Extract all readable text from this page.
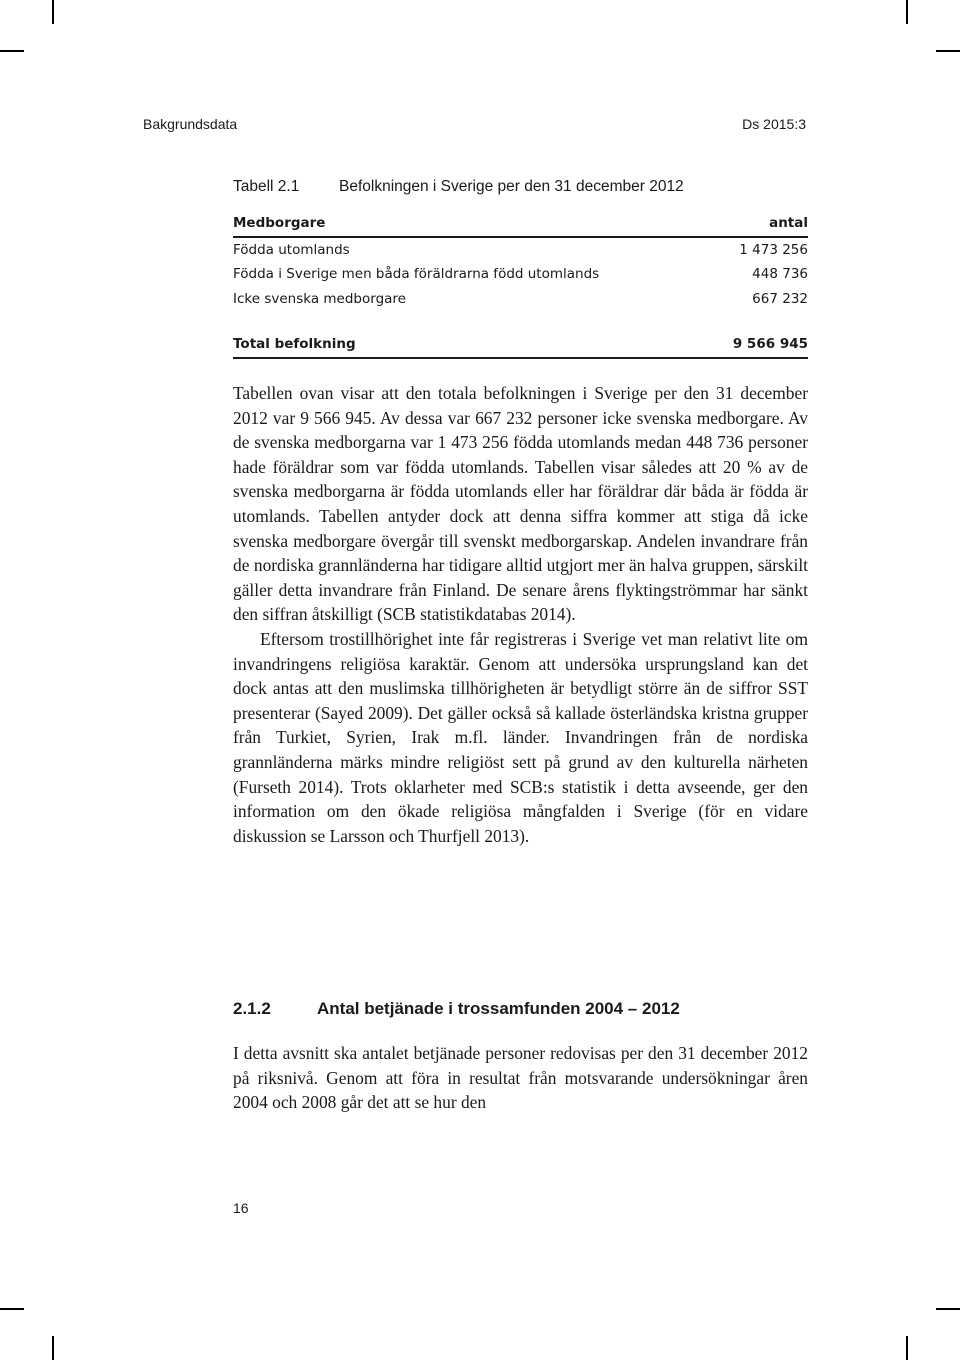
Bakgrundsdata	Ds 2015:3
Tabell 2.1	Befolkningen i Sverige per den 31 december 2012
Medborgare	antal
Födda utomlands	1 473 256
Födda i Sverige men båda föräldrarna född utomlands	448 736
Icke svenska medborgare	667 232

Total befolkning	9 566 945

Tabellen ovan visar att den totala befolkningen i Sverige per den 31 december 2012 var 9 566 945. Av dessa var 667 232 personer icke svenska medborgare. Av de svenska medborgarna var 1 473 256 födda utomlands medan 448 736 personer hade föräldrar som var födda utomlands. Tabellen visar således att 20 % av de svenska medborgarna är födda utomlands eller har föräldrar där båda är födda är utomlands. Tabellen antyder dock att denna siffra kommer att stiga då icke svenska medborgare övergår till svenskt medborgarskap. Andelen invandrare från de nordiska grannländerna har tidigare alltid utgjort mer än halva gruppen, särskilt gäller detta invandrare från Finland. De senare årens flyktingströmmar har sänkt den siffran åtskilligt (SCB statistikdatabas 2014).

Eftersom trostillhörighet inte får registreras i Sverige vet man relativt lite om invandringens religiösa karaktär. Genom att undersöka ursprungsland kan det dock antas att den muslimska tillhörigheten är betydligt större än de siffror SST presenterar (Sayed 2009). Det gäller också så kallade österländska kristna grupper från Turkiet, Syrien, Irak m.fl. länder. Invandringen från de nordiska grannländerna märks mindre religiöst sett på grund av den kulturella närheten (Furseth 2014). Trots oklarheter med SCB:s statistik i detta avseende, ger den information om den ökade religiösa mångfalden i Sverige (för en vidare diskussion se Larsson och Thurfjell 2013).

2.1.2	Antal betjänade i trossamfunden 2004 – 2012

I detta avsnitt ska antalet betjänade personer redovisas per den 31 december 2012 på riksnivå. Genom att föra in resultat från motsvarande undersökningar åren 2004 och 2008 går det att se hur den

16
